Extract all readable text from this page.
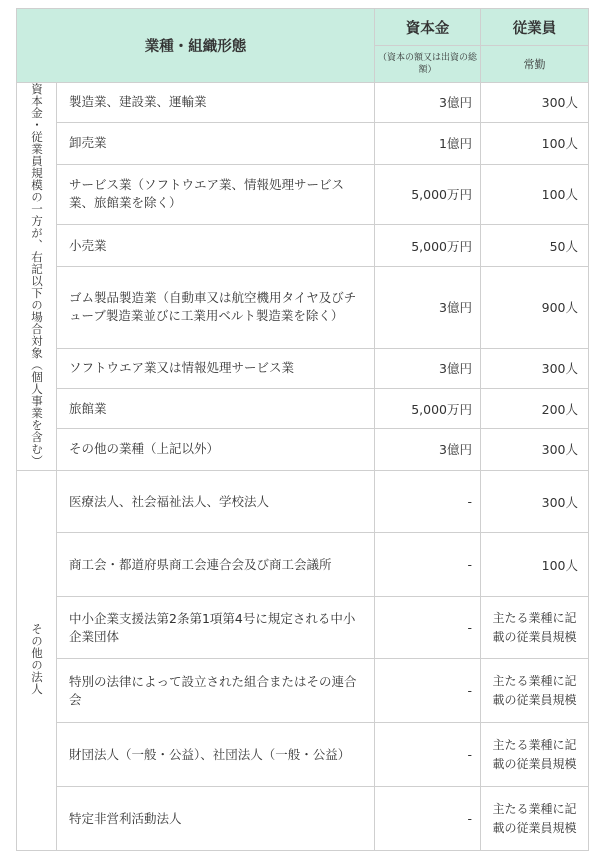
業種・組織形態		資本金	従業員
		（資本の額又は出資の総額）	常勤
資本金・従業員規模の一方が、右記以下の場合対象（個人事業を含む）	製造業、建設業、運輸業	3億円	300人
	卸売業	1億円	100人
	サービス業（ソフトウエア業、情報処理サービス業、旅館業を除く）	5,000万円	100人
	小売業	5,000万円	50人
	ゴム製品製造業（自動車又は航空機用タイヤ及びチューブ製造業並びに工業用ベルト製造業を除く）	3億円	900人
	ソフトウエア業又は情報処理サービス業	3億円	300人
	旅館業	5,000万円	200人
	その他の業種（上記以外）	3億円	300人
その他の法人	医療法人、社会福祉法人、学校法人	-	300人
	商工会・都道府県商工会連合会及び商工会議所	-	100人
	中小企業支援法第2条第1項第4号に規定される中小企業団体	-	主たる業種に記載の従業員規模
	特別の法律によって設立された組合またはその連合会	-	主たる業種に記載の従業員規模
	財団法人（一般・公益）、社団法人（一般・公益）	-	主たる業種に記載の従業員規模
	特定非営利活動法人	-	主たる業種に記載の従業員規模
